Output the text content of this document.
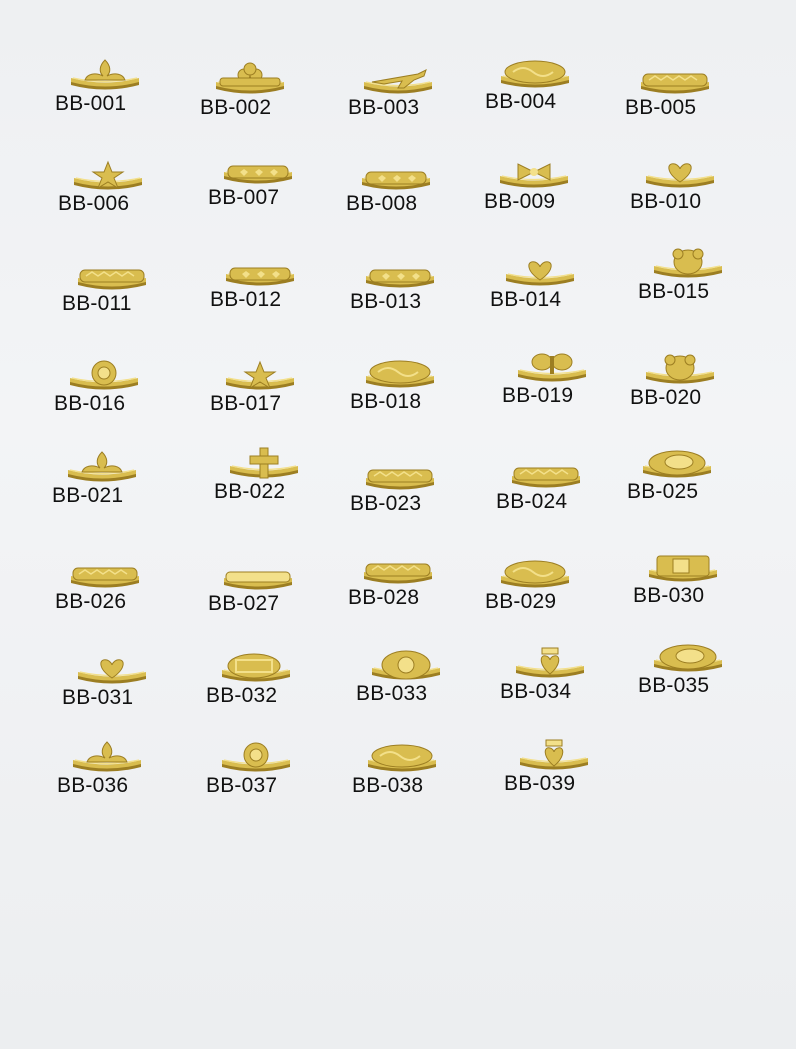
BB-001	BB-002	BB-003	BB-004	BB-005
BB-006	BB-007	BB-008	BB-009	BB-010
BB-011	BB-012	BB-013	BB-014	BB-015
BB-016	BB-017	BB-018	BB-019	BB-020
BB-021	BB-022
BB-023	BB-024	BB-025
BB-026	BB-027	BB-028	BB-029	BB-030
BB-031	BB-032	BB-033	BB-034	BB-035
BB-036	BB-037	BB-038	BB-039
